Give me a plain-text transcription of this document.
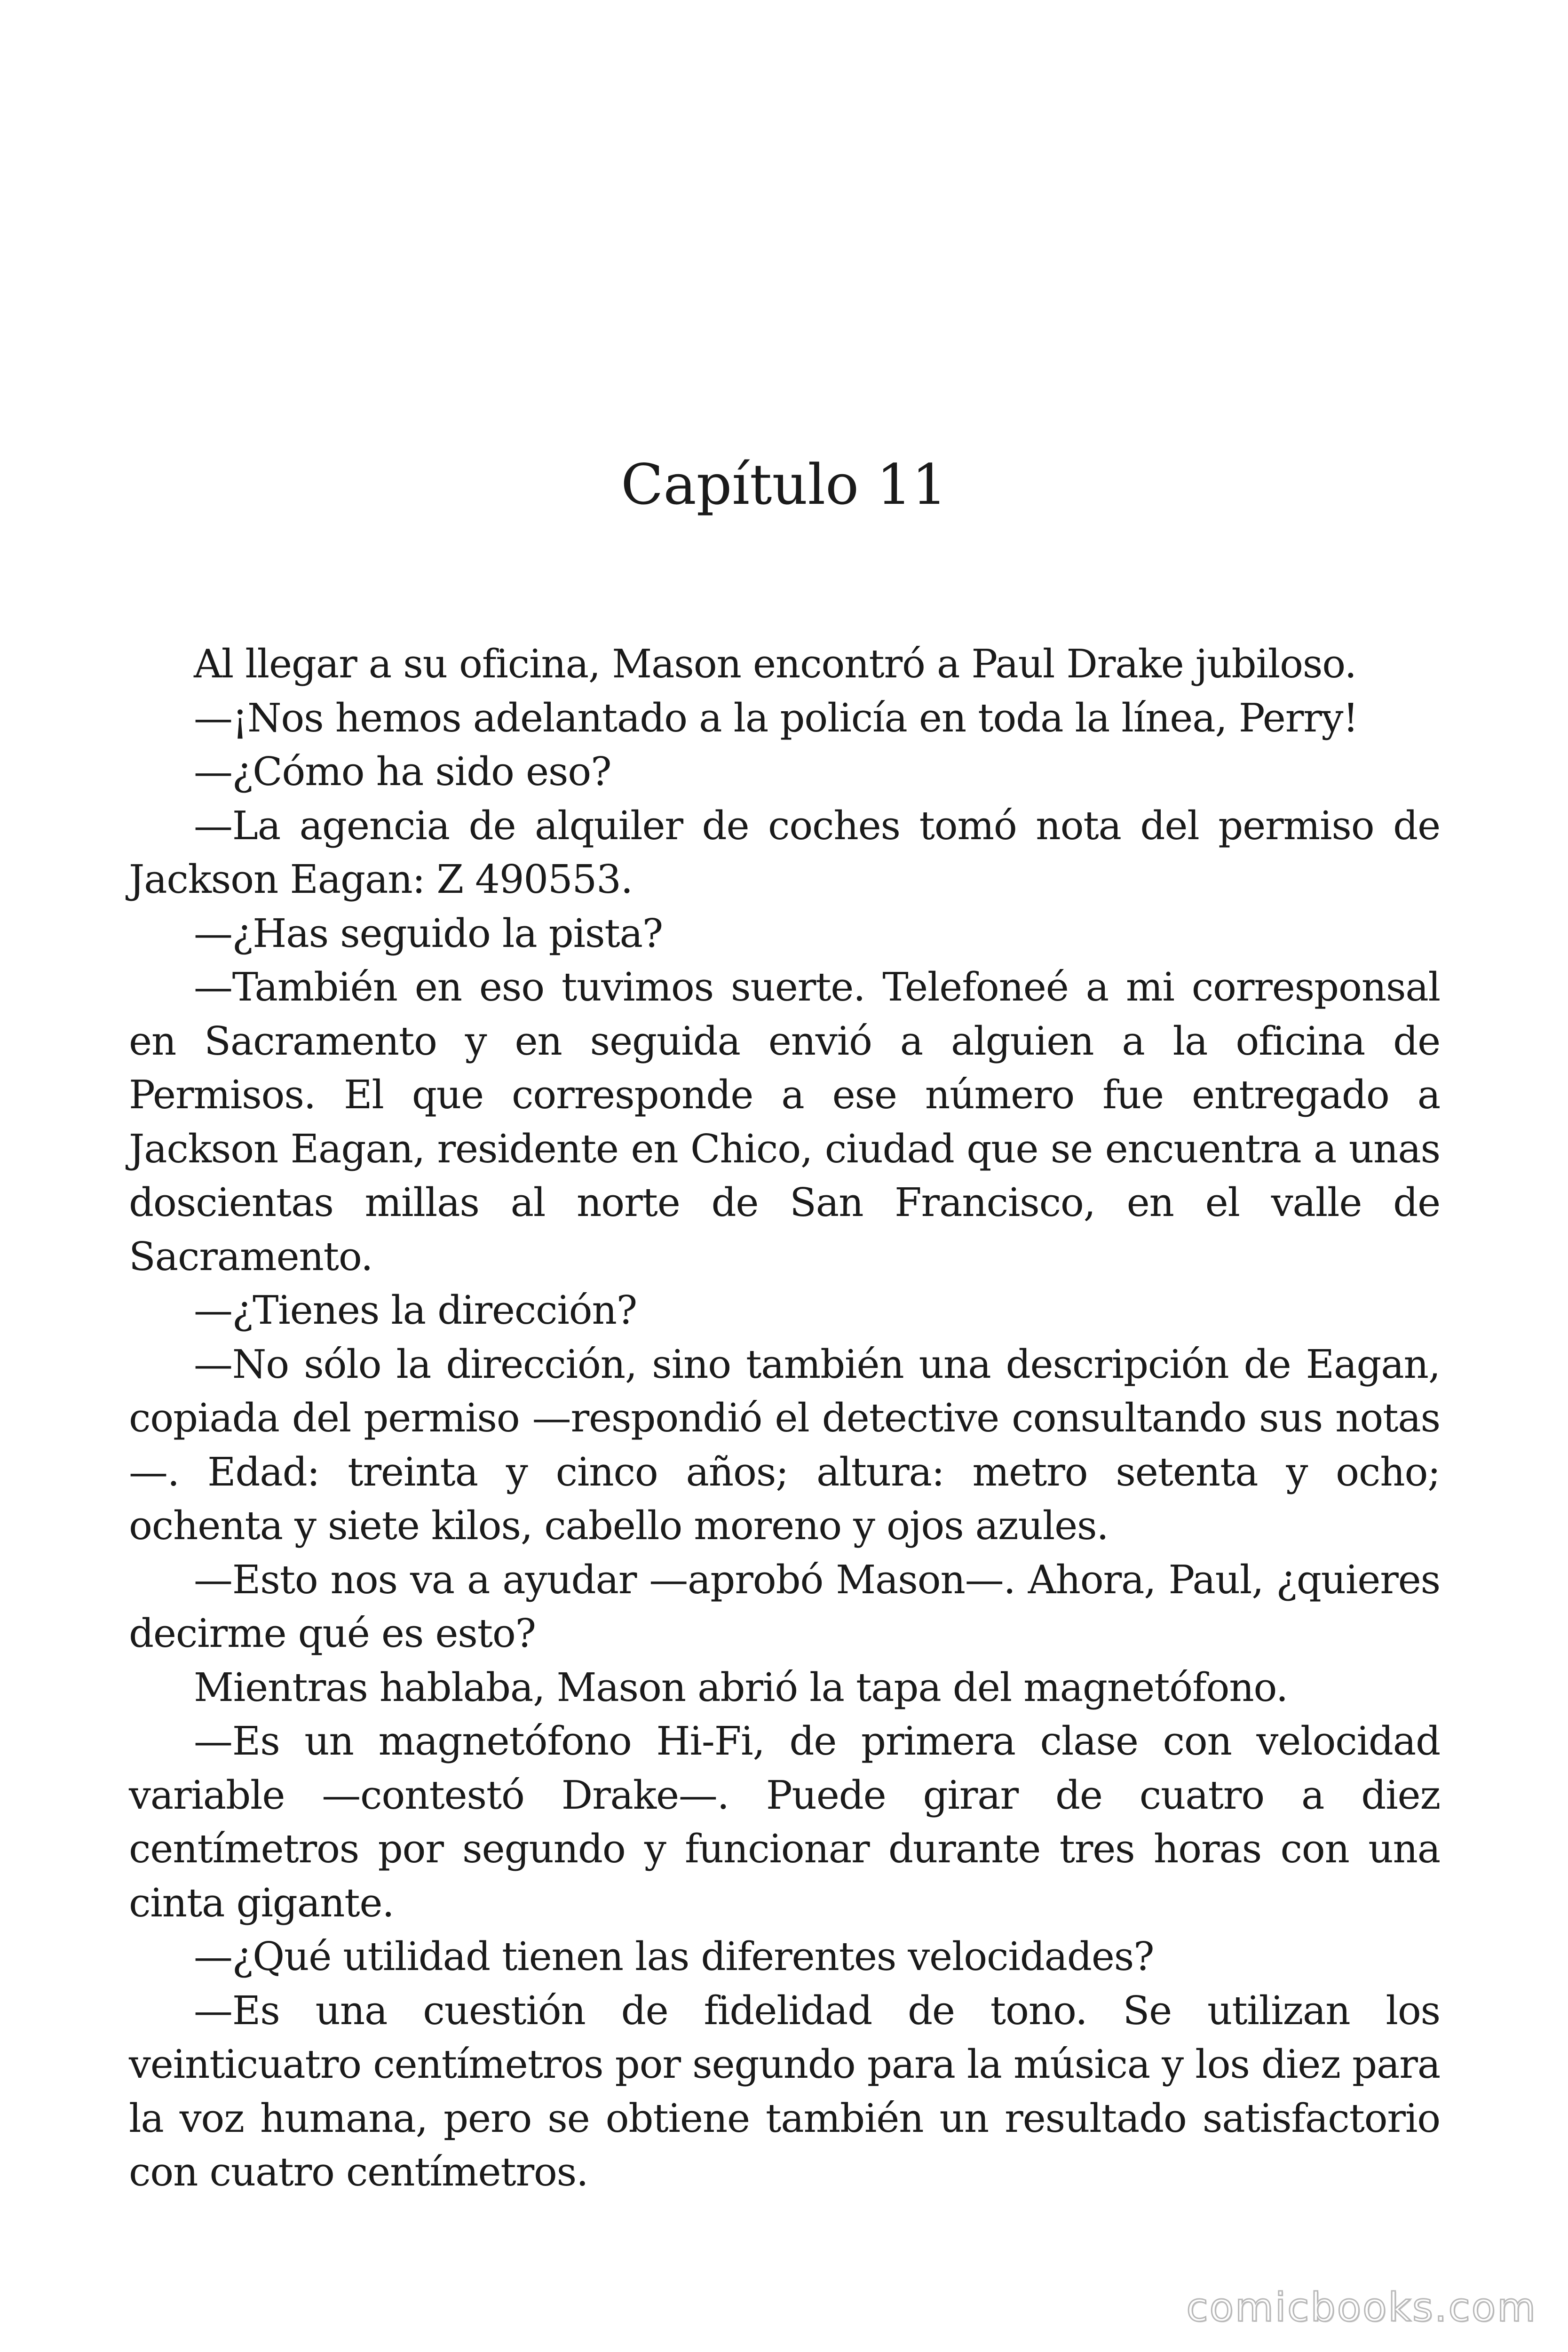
Capítulo 11

Al llegar a su oficina, Mason encontró a Paul Drake jubiloso.

—¡Nos hemos adelantado a la policía en toda la línea, Perry!

—¿Cómo ha sido eso?

—La agencia de alquiler de coches tomó nota del permiso de Jackson Eagan: Z 490553.

—¿Has seguido la pista?

—También en eso tuvimos suerte. Telefoneé a mi corresponsal en Sacramento y en seguida envió a alguien a la oficina de Permisos. El que corresponde a ese número fue entregado a Jackson Eagan, residente en Chico, ciudad que se encuentra a unas doscientas millas al norte de San Francisco, en el valle de Sacramento.

—¿Tienes la dirección?

—No sólo la dirección, sino también una descripción de Eagan, copiada del permiso —respondió el detective consultando sus notas —. Edad: treinta y cinco años; altura: metro setenta y ocho; ochenta y siete kilos, cabello moreno y ojos azules.

—Esto nos va a ayudar —aprobó Mason—. Ahora, Paul, ¿quieres decirme qué es esto?

Mientras hablaba, Mason abrió la tapa del magnetófono.

—Es un magnetófono Hi-Fi, de primera clase con velocidad variable —contestó Drake—. Puede girar de cuatro a diez centímetros por segundo y funcionar durante tres horas con una cinta gigante.

—¿Qué utilidad tienen las diferentes velocidades?

—Es una cuestión de fidelidad de tono. Se utilizan los veinticuatro centímetros por segundo para la música y los diez para la voz humana, pero se obtiene también un resultado satisfactorio con cuatro centímetros.

comicbooks.com
